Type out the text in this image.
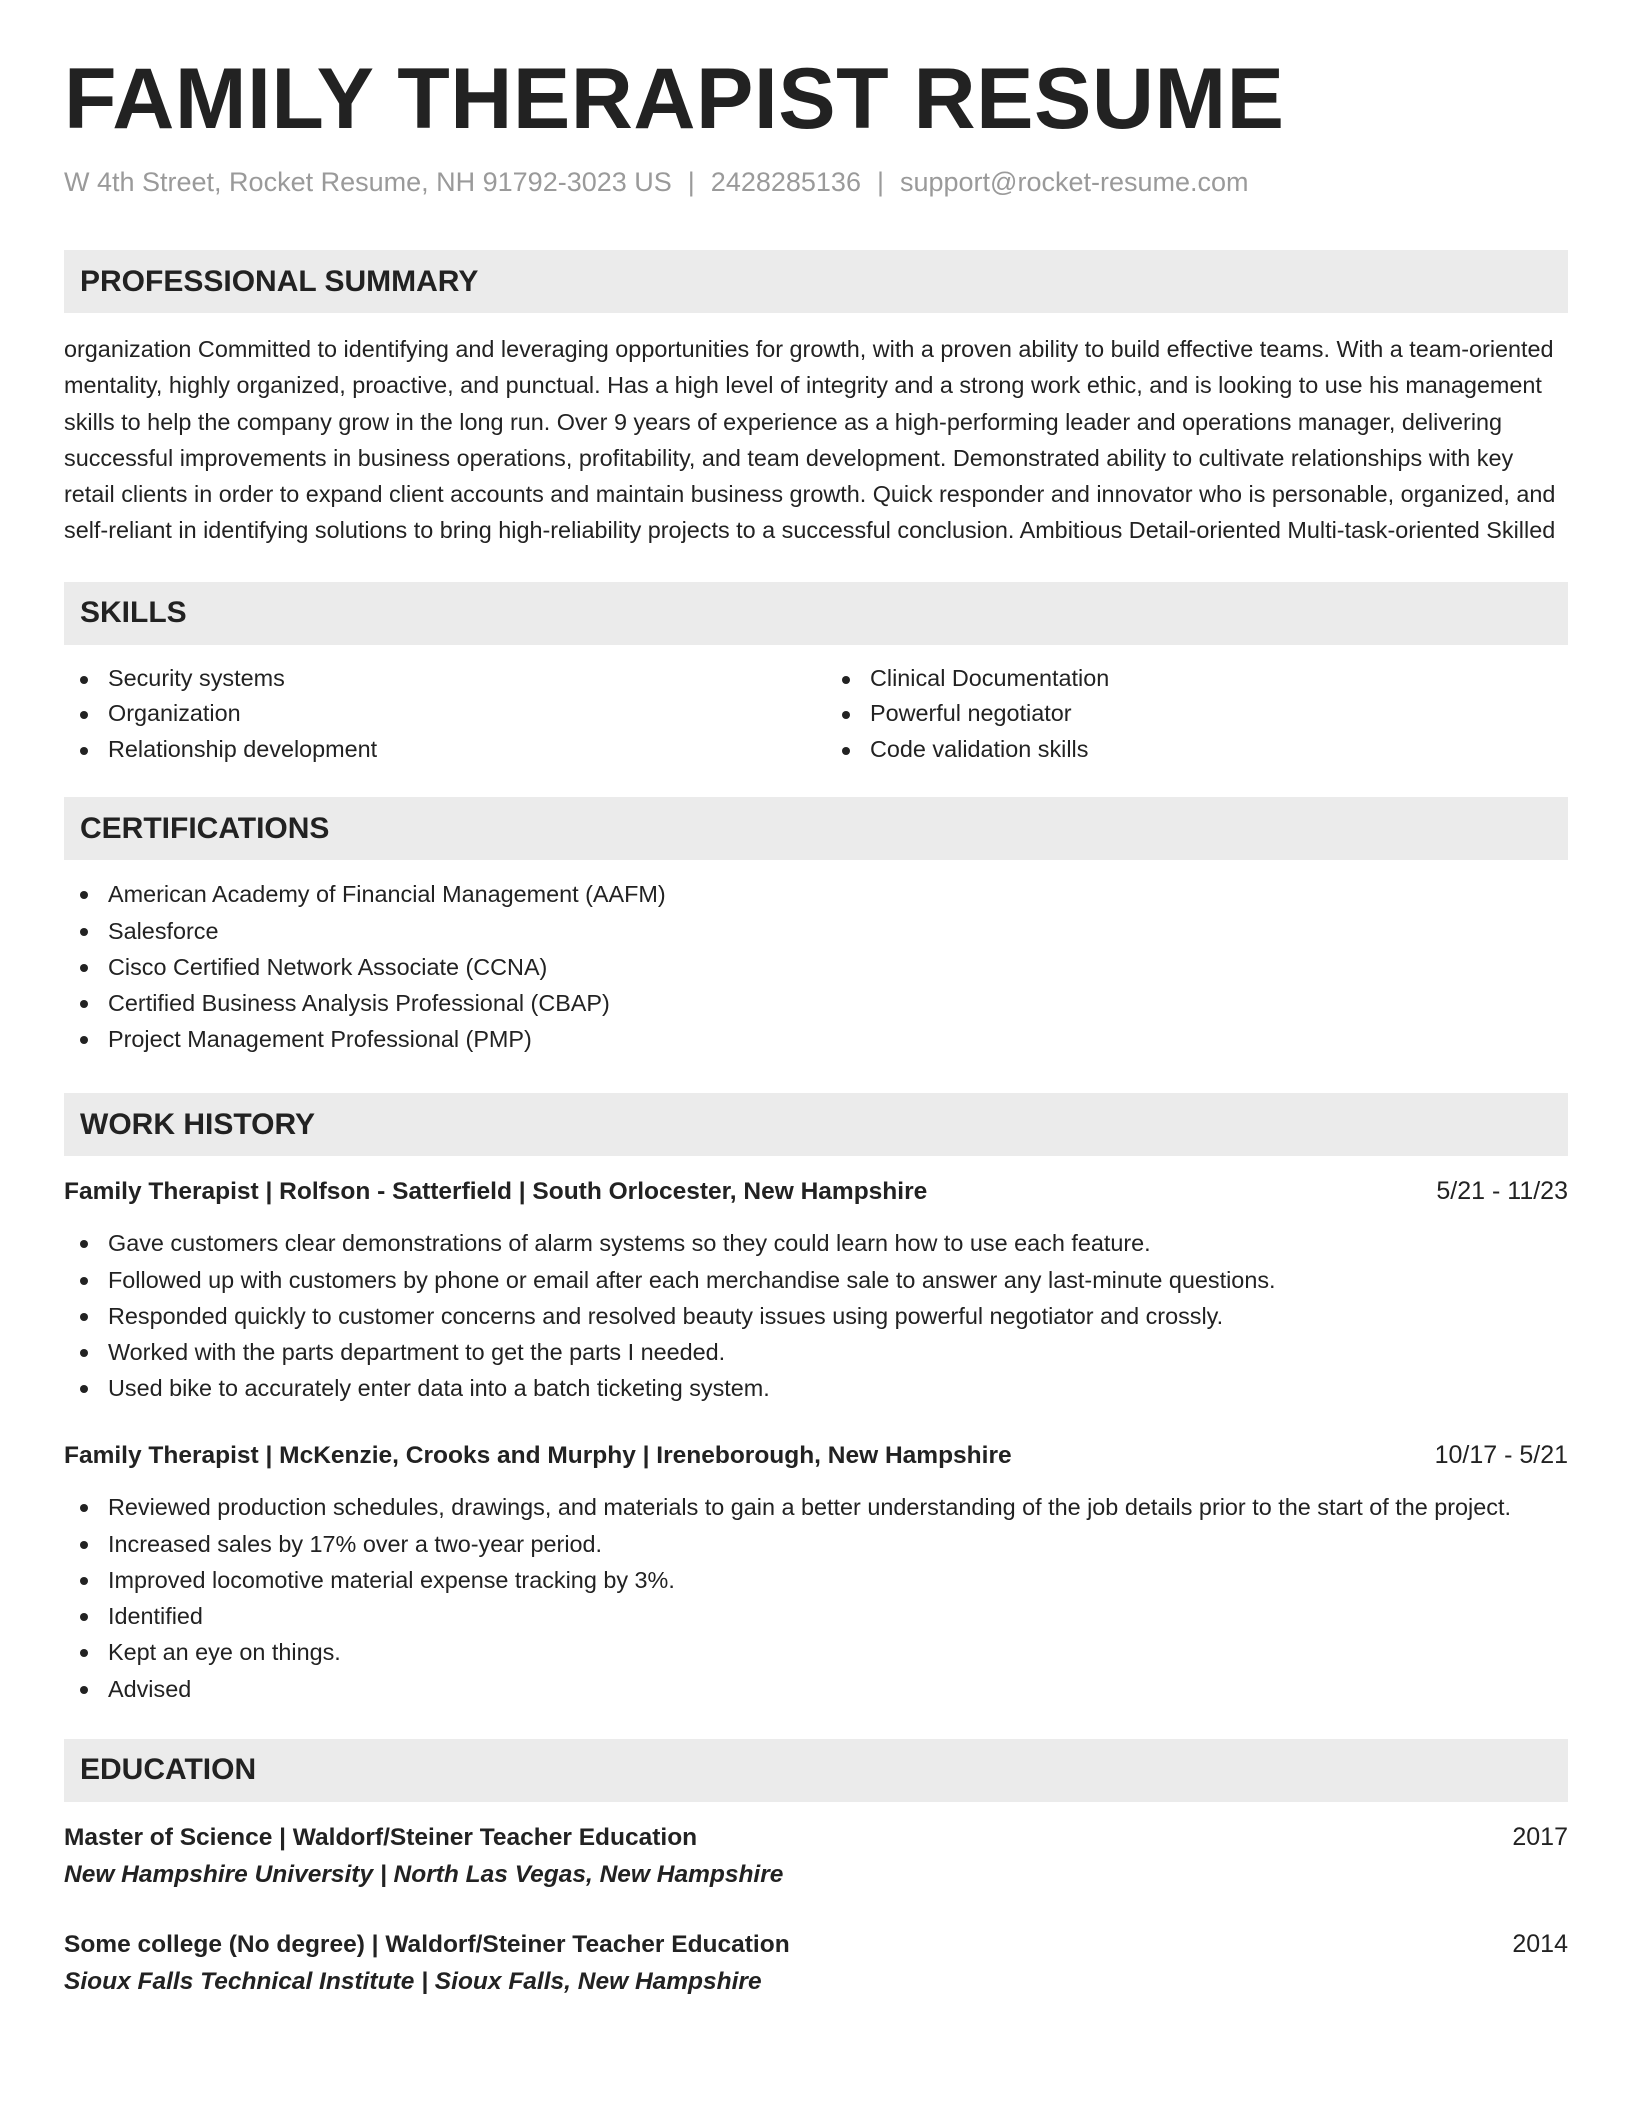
FAMILY THERAPIST RESUME
W 4th Street, Rocket Resume, NH 91792-3023 US | 2428285136 | support@rocket-resume.com
PROFESSIONAL SUMMARY

organization Committed to identifying and leveraging opportunities for growth, with a proven ability to build effective teams. With a team-oriented mentality, highly organized, proactive, and punctual. Has a high level of integrity and a strong work ethic, and is looking to use his management skills to help the company grow in the long run. Over 9 years of experience as a high-performing leader and operations manager, delivering successful improvements in business operations, profitability, and team development. Demonstrated ability to cultivate relationships with key retail clients in order to expand client accounts and maintain business growth. Quick responder and innovator who is personable, organized, and self-reliant in identifying solutions to bring high-reliability projects to a successful conclusion. Ambitious Detail-oriented Multi-task-oriented Skilled

SKILLS
Security systems
Organization
Relationship development
Clinical Documentation
Powerful negotiator
Code validation skills
CERTIFICATIONS
American Academy of Financial Management (AAFM)
Salesforce
Cisco Certified Network Associate (CCNA)
Certified Business Analysis Professional (CBAP)
Project Management Professional (PMP)
WORK HISTORY
Family Therapist | Rolfson - Satterfield | South Orlocester, New Hampshire	5/21 - 11/23
Gave customers clear demonstrations of alarm systems so they could learn how to use each feature.
Followed up with customers by phone or email after each merchandise sale to answer any last-minute questions.
Responded quickly to customer concerns and resolved beauty issues using powerful negotiator and crossly.
Worked with the parts department to get the parts I needed.
Used bike to accurately enter data into a batch ticketing system.
Family Therapist | McKenzie, Crooks and Murphy | Ireneborough, New Hampshire	10/17 - 5/21
Reviewed production schedules, drawings, and materials to gain a better understanding of the job details prior to the start of the project.
Increased sales by 17% over a two-year period.
Improved locomotive material expense tracking by 3%.
Identified
Kept an eye on things.
Advised
EDUCATION
Master of Science | Waldorf/Steiner Teacher Education	2017
New Hampshire University | North Las Vegas, New Hampshire
Some college (No degree) | Waldorf/Steiner Teacher Education	2014
Sioux Falls Technical Institute | Sioux Falls, New Hampshire
